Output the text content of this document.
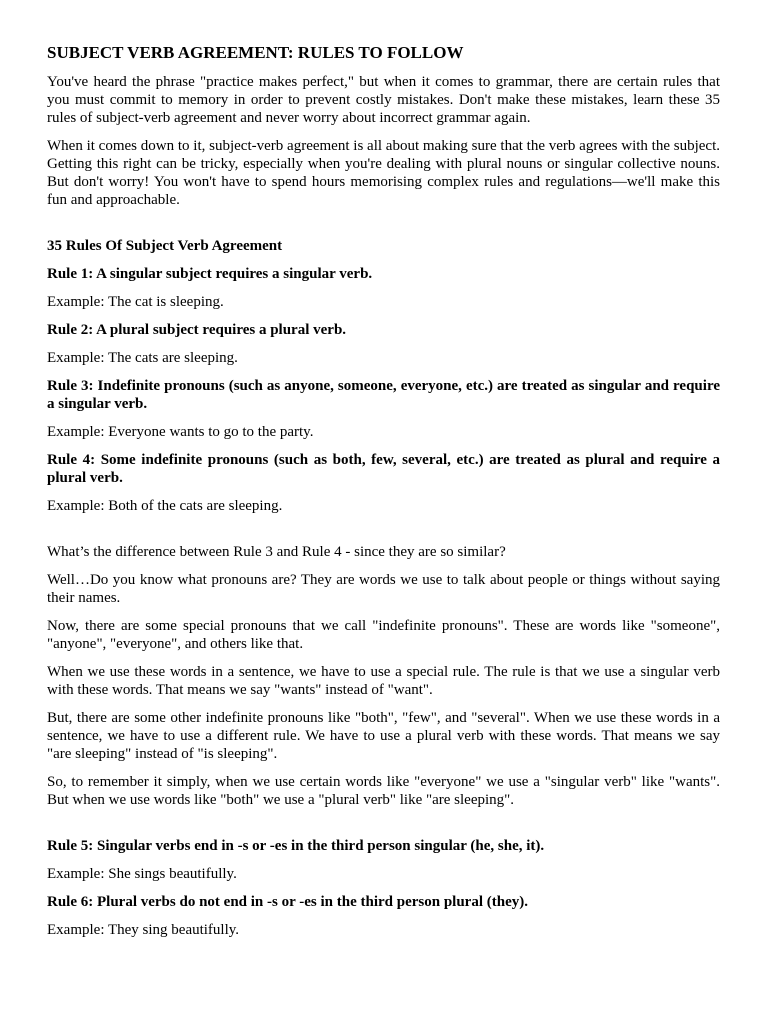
SUBJECT VERB AGREEMENT: RULES TO FOLLOW

You've heard the phrase "practice makes perfect," but when it comes to grammar, there are certain rules that you must commit to memory in order to prevent costly mistakes. Don't make these mistakes, learn these 35 rules of subject-verb agreement and never worry about incorrect grammar again.

When it comes down to it, subject-verb agreement is all about making sure that the verb agrees with the subject. Getting this right can be tricky, especially when you're dealing with plural nouns or singular collective nouns. But don't worry! You won't have to spend hours memorising complex rules and regulations—we'll make this fun and approachable.

35 Rules Of Subject Verb Agreement

Rule 1: A singular subject requires a singular verb.

Example: The cat is sleeping.

Rule 2: A plural subject requires a plural verb.

Example: The cats are sleeping.

Rule 3: Indefinite pronouns (such as anyone, someone, everyone, etc.) are treated as singular and require a singular verb.

Example: Everyone wants to go to the party.

Rule 4: Some indefinite pronouns (such as both, few, several, etc.) are treated as plural and require a plural verb.

Example: Both of the cats are sleeping.

What’s the difference between Rule 3 and Rule 4 - since they are so similar?

Well…Do you know what pronouns are? They are words we use to talk about people or things without saying their names.

Now, there are some special pronouns that we call "indefinite pronouns". These are words like "someone", "anyone", "everyone", and others like that.

When we use these words in a sentence, we have to use a special rule. The rule is that we use a singular verb with these words. That means we say "wants" instead of "want".

But, there are some other indefinite pronouns like "both", "few", and "several". When we use these words in a sentence, we have to use a different rule. We have to use a plural verb with these words. That means we say "are sleeping" instead of "is sleeping".

So, to remember it simply, when we use certain words like "everyone" we use a "singular verb" like "wants". But when we use words like "both" we use a "plural verb" like "are sleeping".

Rule 5: Singular verbs end in -s or -es in the third person singular (he, she, it).

Example: She sings beautifully.

Rule 6: Plural verbs do not end in -s or -es in the third person plural (they).

Example: They sing beautifully.
